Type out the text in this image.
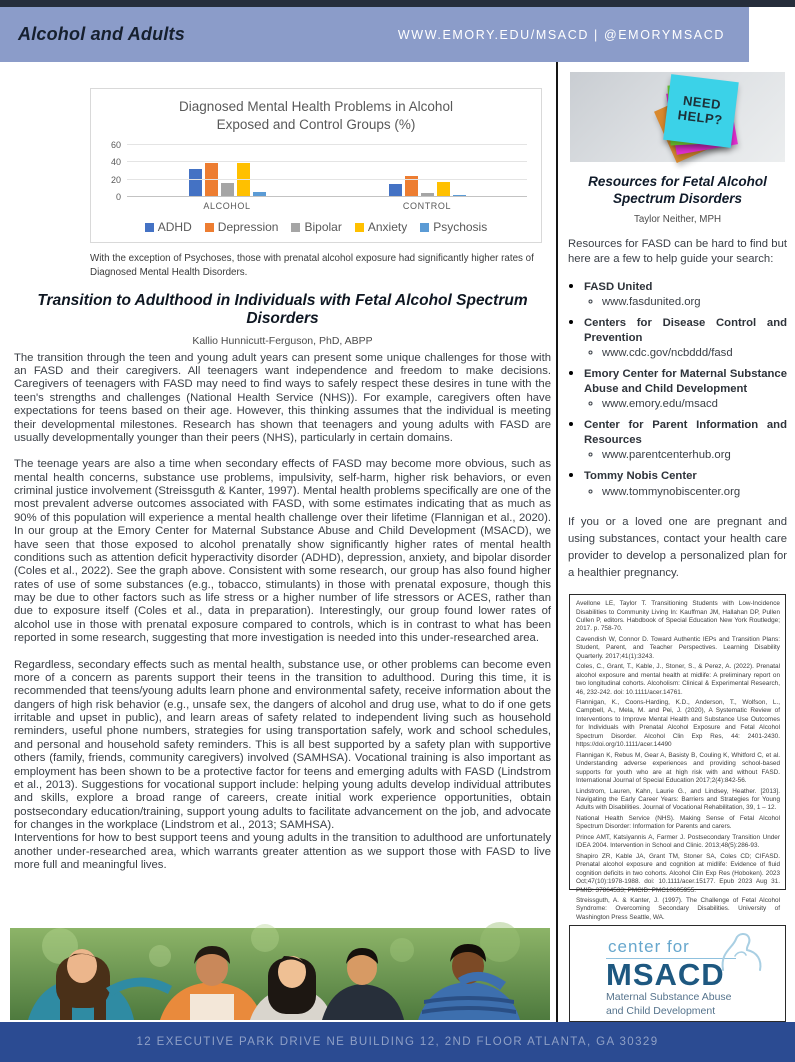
Alcohol and Adults	WWW.EMORY.EDU/MSACD | @EMORYMSACD
Diagnosed Mental Health Problems in Alcohol Exposed and Control Groups (%)
0
20
40
60
ALCOHOL	CONTROL
ADHD Depression Bipolar Anxiety Psychosis
With the exception of Psychoses, those with prenatal alcohol exposure had significantly higher rates of Diagnosed Mental Health Disorders.
Transition to Adulthood in Individuals with Fetal Alcohol Spectrum Disorders
Kallio Hunnicutt-Ferguson, PhD, ABPP

The transition through the teen and young adult years can present some unique challenges for those with an FASD and their caregivers. All teenagers want independence and freedom to make decisions. Caregivers of teenagers with FASD may need to find ways to safely respect these desires in tune with the teen's strengths and challenges (National Health Service (NHS)). For example, caregivers often have expectations for teens based on their age. However, this thinking assumes that the individual is meeting their developmental milestones. Research has shown that teenagers and young adults with FASD are usually developmentally younger than their peers (NHS), particularly in certain domains.

The teenage years are also a time when secondary effects of FASD may become more obvious, such as mental health concerns, substance use problems, impulsivity, self-harm, higher risk behaviors, or even criminal justice involvement (Streissguth & Kanter, 1997). Mental health problems specifically are one of the most prevalent adverse outcomes associated with FASD, with some estimates indicating that as much as 90% of this population will experience a mental health challenge over their lifetime (Flannigan et al., 2020). In our group at the Emory Center for Maternal Substance Abuse and Child Development (MSACD), we have seen that those exposed to alcohol prenatally show significantly higher rates of mental health conditions such as attention deficit hyperactivity disorder (ADHD), depression, anxiety, and bipolar disorder (Coles et al., 2022). See the graph above. Consistent with some research, our group has also found higher rates of use of some substances (e.g., tobacco, stimulants) in those with prenatal exposure, though this may be due to other factors such as life stress or a higher number of life stressors or ACES, rather than due to exposure itself (Coles et al., data in preparation). Interestingly, our group found lower rates of alcohol use in those with prenatal exposure compared to controls, which is in contrast to what has been reported in some research, suggesting that more investigation is needed into this under-researched area.

Regardless, secondary effects such as mental health, substance use, or other problems can become even more of a concern as parents support their teens in the transition to adulthood. During this time, it is recommended that teens/young adults learn phone and environmental safety, receive information about the dangers of high risk behavior (e.g., unsafe sex, the dangers of alcohol and drug use, what to do if one gets irritable and upset in public), and learn areas of safety related to independent living such as household reminders, useful phone numbers, strategies for using transportation safely, work and school schedules, and personal and household safety reminders. This is all best supported by a safety plan with supportive others (family, friends, community caregivers) involved (SAMHSA). Vocational training is also important as employment has been shown to be a protective factor for teens and emerging adults with FASD (Lindstrom et al., 2013). Suggestions for vocational support include: helping young adults develop individual attributes and skills, explore a broad range of careers, create initial work experience opportunities, obtain postsecondary education/training, support young adults to facilitate advancement on the job, and advocate for changes in the workplace (Lindstrom et al., 2013; SAMHSA).

Interventions for how to best support teens and young adults in the transition to adulthood are unfortunately another under-researched area, which warrants greater attention as we support those with FASD to live more full and meaningful lives.

NEED HELP?
Resources for Fetal Alcohol Spectrum Disorders
Taylor Neither, MPH

Resources for FASD can be hard to find but here are a few to help guide your search:

• FASD United
◦ www.fasdunited.org
• Centers for Disease Control and Prevention
◦ www.cdc.gov/ncbddd/fasd
• Emory Center for Maternal Substance Abuse and Child Development
◦ www.emory.edu/msacd
• Center for Parent Information and Resources
◦ www.parentcenterhub.org
• Tommy Nobis Center
◦ www.tommynobiscenter.org

If you or a loved one are pregnant and using substances, contact your health care provider to develop a personalized plan for a healthier pregnancy.

Avellone LE, Taylor T. Transitioning Students with Low-Incidence Disabilities to Community Living In: Kauffman JM, Hallahan DP, Pullen Cullen P, editors. Habdbook of Special Education New York Routledge; 2017. p. 758-70.
Cavendish W, Connor D. Toward Authentic IEPs and Transition Plans: Student, Parent, and Teacher Perspectives. Learning Disability Quarterly. 2017;41(1):3243.
Coles, C., Grant, T., Kable, J., Stoner, S., & Perez, A. (2022). Prenatal alcohol exposure and mental health at midlife: A preliminary report on two longitudinal cohorts. Alcoholism: Clinical & Experimental Research, 46, 232-242. doi: 10.1111/acer.14761.
Flannigan, K., Coons-Harding, K.D., Anderson, T., Wolfson, L., Campbell, A., Mela, M. and Pei, J. (2020), A Systematic Review of Interventions to Improve Mental Health and Substance Use Outcomes for Individuals with Prenatal Alcohol Exposure and Fetal Alcohol Spectrum Disorder. Alcohol Clin Exp Res, 44: 2401-2430. https://doi.org/10.1111/acer.14490
Flannigan K, Rebus M, Gear A, Basisty B, Couling K, Whitford C, et al. Understanding adverse experiences and providing school-based supports for youth who are at high risk with and without FASD. International Journal of Special Education 2017;2(4):842-56.
Lindstrom, Lauren, Kahn, Laurie G., and Lindsey, Heather. [2013]. Navigating the Early Career Years: Barriers and Strategies for Young Adults with Disabilities. Journal of Vocational Rehabilitation, 39, 1 – 12.
National Health Service (NHS). Making Sense of Fetal Alcohol Spectrum Disorder: Information for Parents and carers.
Prince AMT, Katsiyannis A, Farmer J. Postsecondary Transition Under IDEA 2004. Intervention in School and Clinic. 2013;48(5):286-93.
Shapiro ZR, Kable JA, Grant TM, Stoner SA, Coles CD; CIFASD. Prenatal alcohol exposure and cognition at midlife: Evidence of fluid cognition deficits in two cohorts. Alcohol Clin Exp Res (Hoboken). 2023 Oct;47(10):1978-1988. doi: 10.1111/acer.15177. Epub 2023 Aug 31. PMID: 37864533; PMCID: PMC10605955.
Streissguth, A. & Kanter, J. (1997). The Challenge of Fetal Alcohol Syndrome: Overcoming Secondary Disabilities. University of Washington Press Seattle, WA.
center for
MSACD
Maternal Substance Abuse
and Child Development
12 EXECUTIVE PARK DRIVE NE BUILDING 12, 2ND FLOOR ATLANTA, GA 30329
